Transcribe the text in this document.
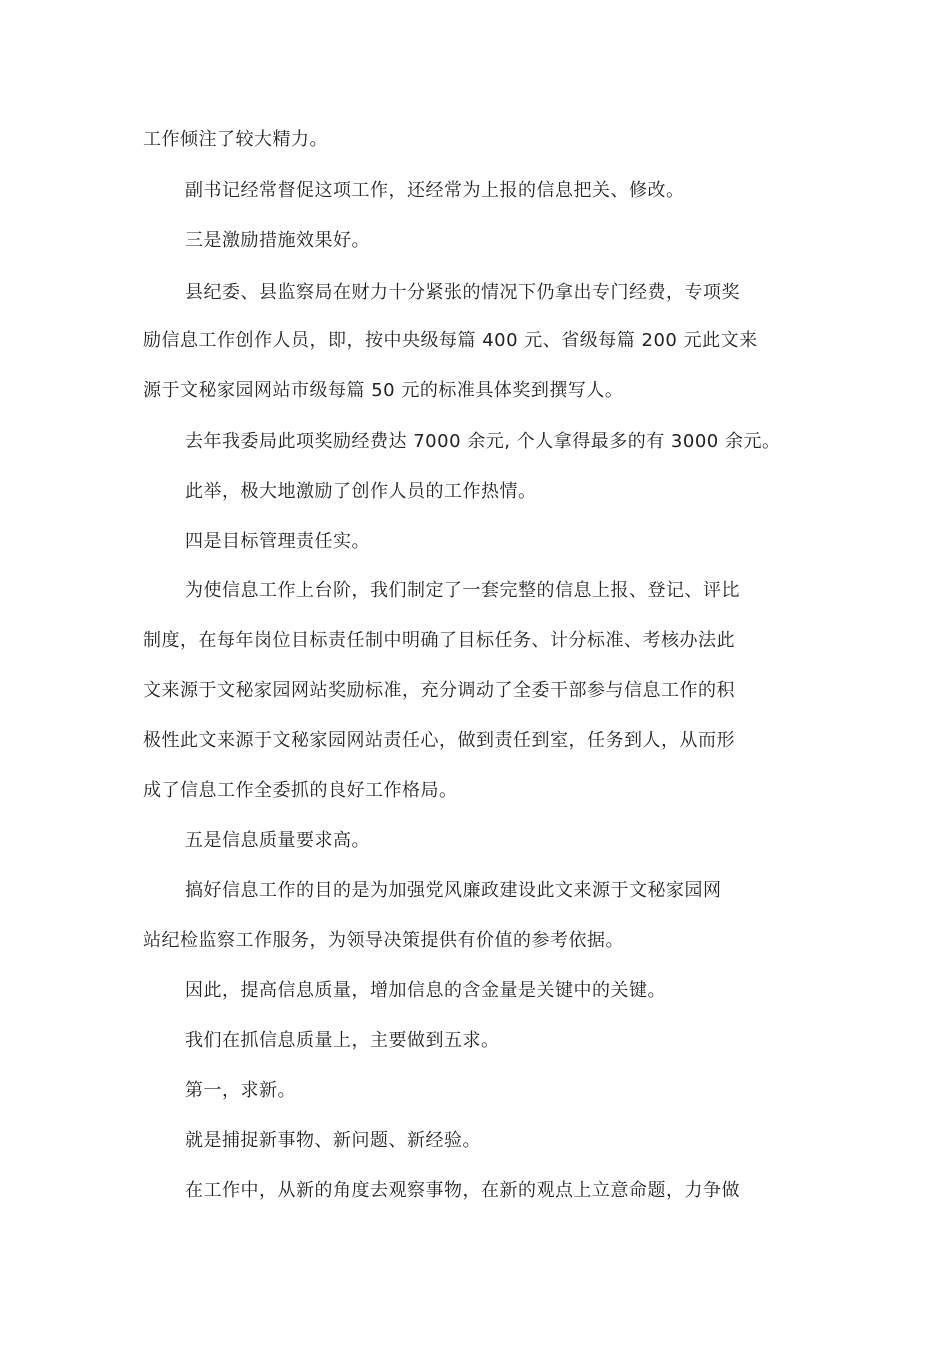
工作倾注了较大精力。
副书记经常督促这项工作，还经常为上报的信息把关、修改。
三是激励措施效果好。
县纪委、县监察局在财力十分紧张的情况下仍拿出专门经费，专项奖
励信息工作创作人员，即，按中央级每篇 400 元、省级每篇 200 元此文来
源于文秘家园网站市级每篇 50 元的标准具体奖到撰写人。
去年我委局此项奖励经费达 7000 余元, 个人拿得最多的有 3000 余元。
此举，极大地激励了创作人员的工作热情。
四是目标管理责任实。
为使信息工作上台阶，我们制定了一套完整的信息上报、登记、评比
制度，在每年岗位目标责任制中明确了目标任务、计分标准、考核办法此
文来源于文秘家园网站奖励标准，充分调动了全委干部参与信息工作的积
极性此文来源于文秘家园网站责任心，做到责任到室，任务到人，从而形
成了信息工作全委抓的良好工作格局。
五是信息质量要求高。
搞好信息工作的目的是为加强党风廉政建设此文来源于文秘家园网
站纪检监察工作服务，为领导决策提供有价值的参考依据。
因此，提高信息质量，增加信息的含金量是关键中的关键。
我们在抓信息质量上，主要做到五求。
第一，求新。
就是捕捉新事物、新问题、新经验。
在工作中，从新的角度去观察事物，在新的观点上立意命题，力争做
